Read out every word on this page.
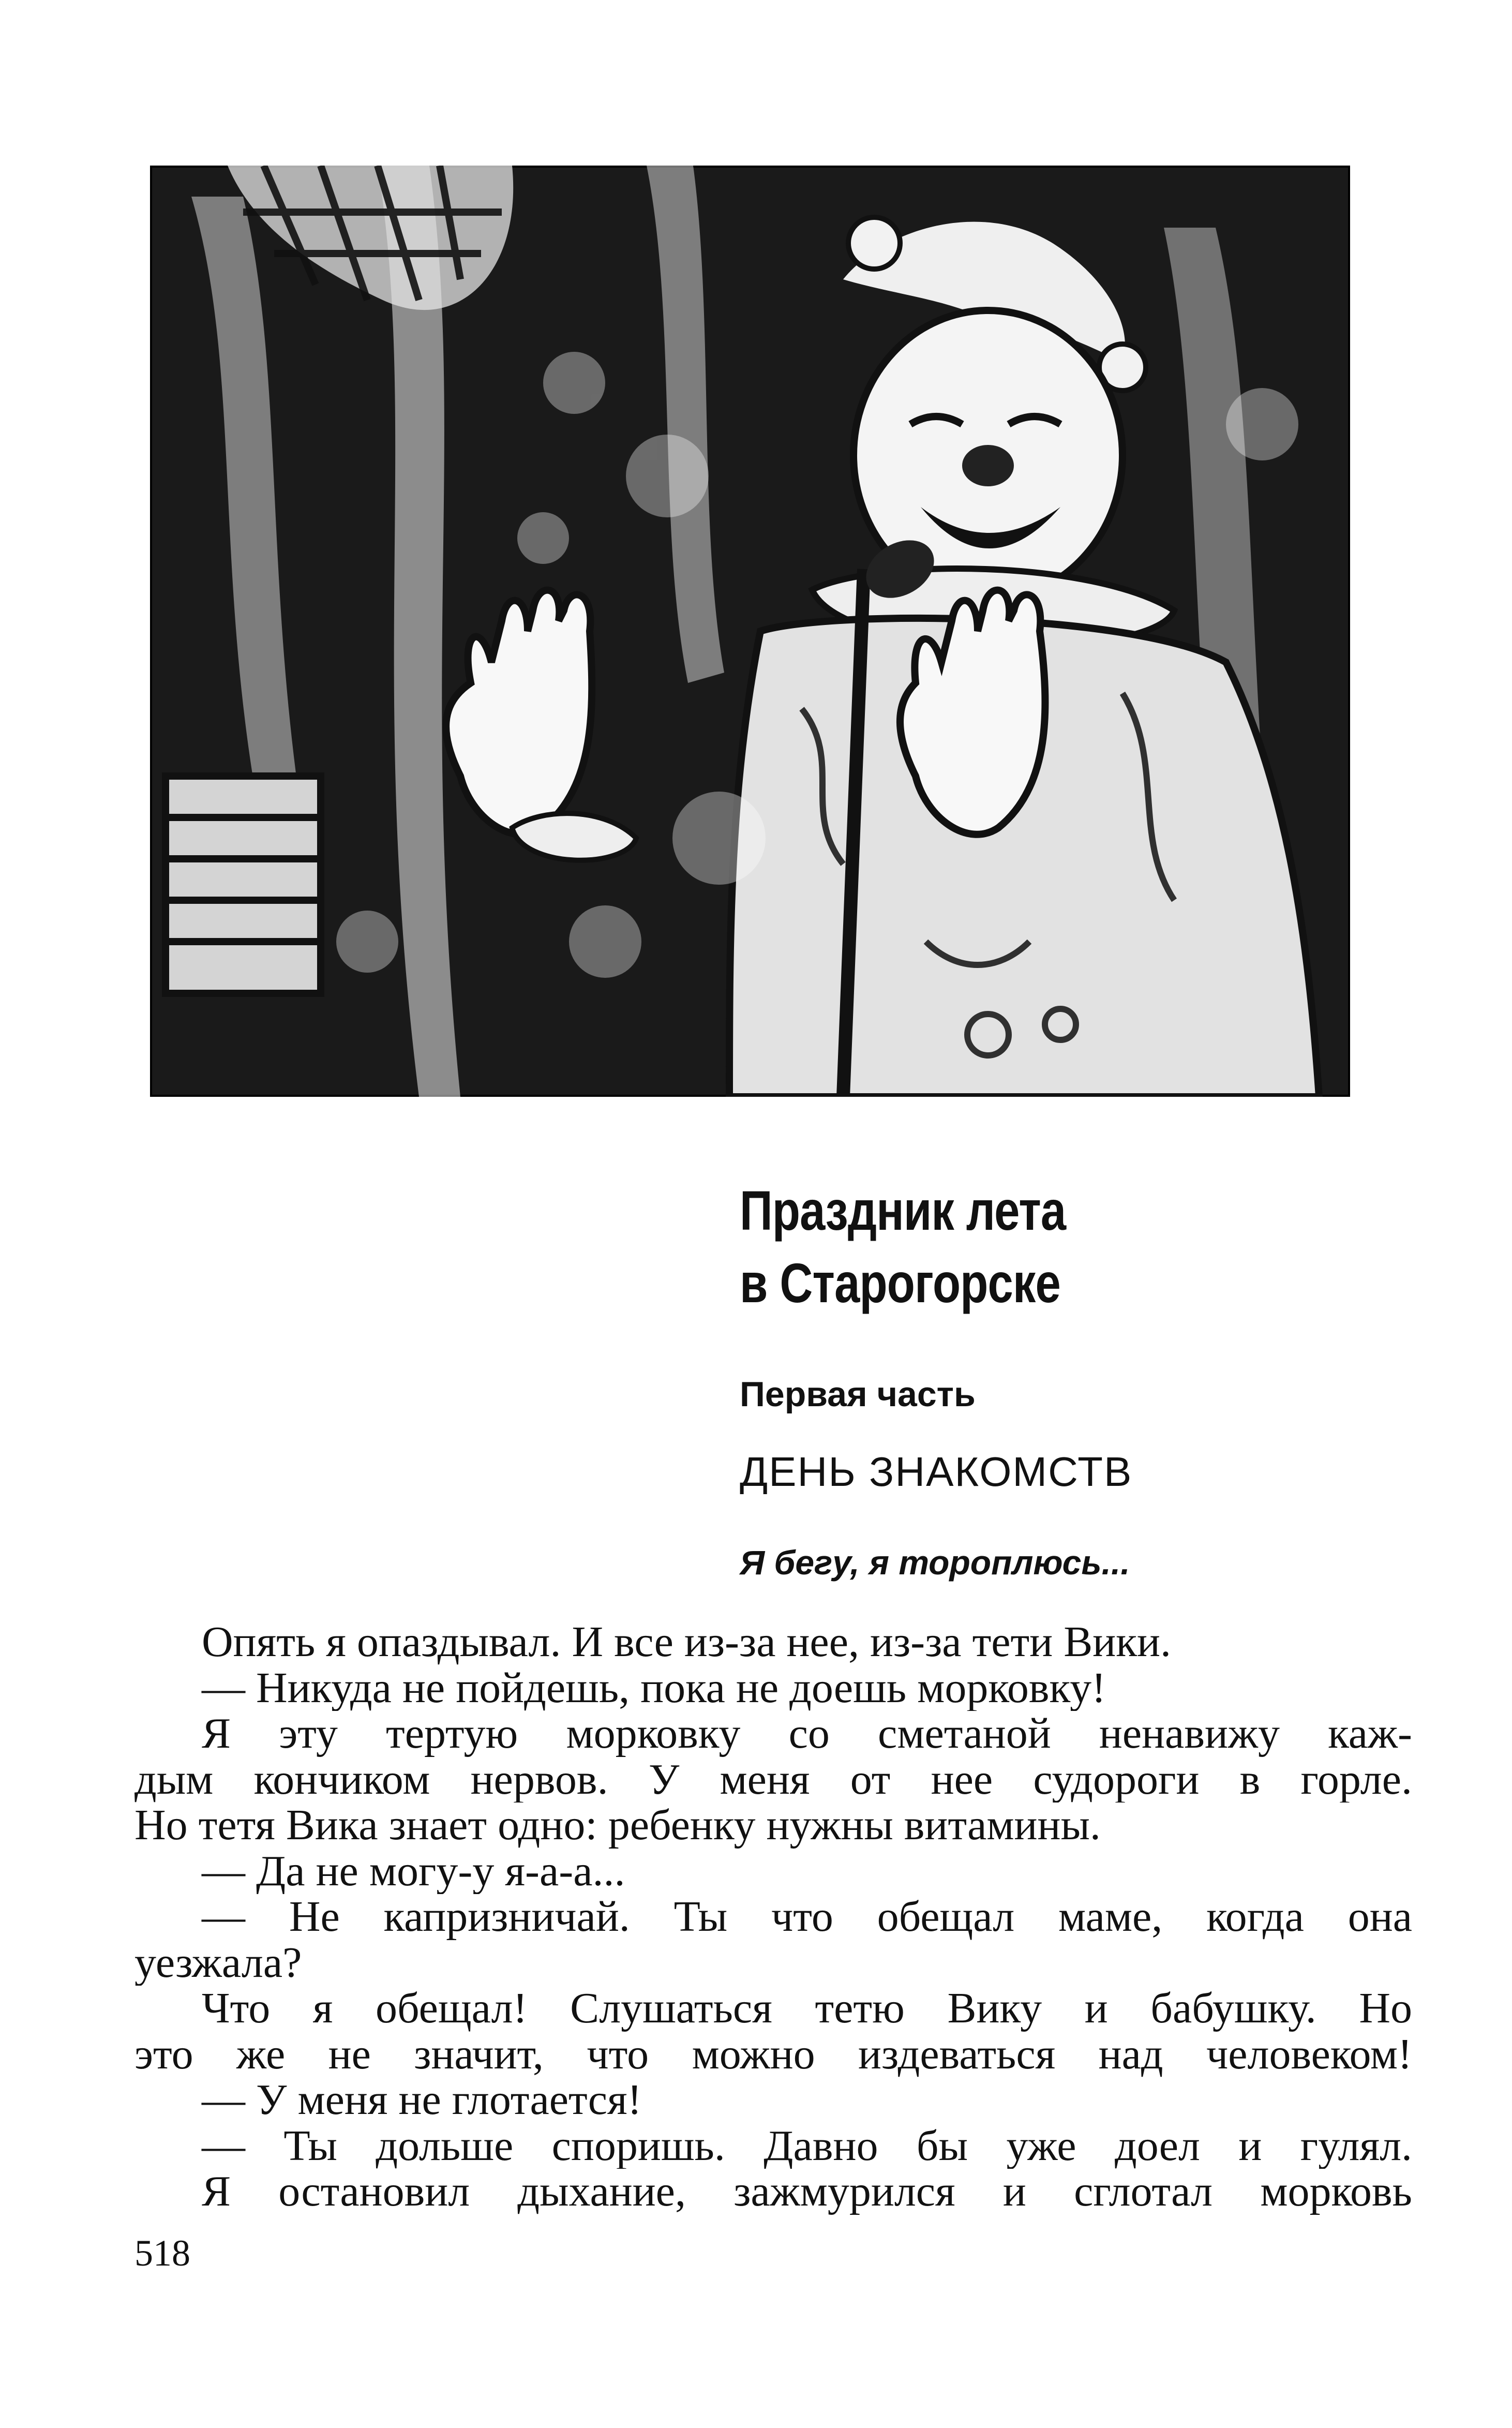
Праздник лета
в Старогорске
Первая часть
ДЕНЬ ЗНАКОМСТВ
Я бегу, я тороплюсь...
Опять я опаздывал. И все из-за нее, из-за тети Вики.
— Никуда не пойдешь, пока не доешь морковку!
Я эту тертую морковку со сметаной ненавижу каж-
дым кончиком нервов. У меня от нее судороги в горле.
Но тетя Вика знает одно: ребенку нужны витамины.
— Да не могу-у я-а-а...
— Не капризничай. Ты что обещал маме, когда она
уезжала?
Что я обещал! Слушаться тетю Вику и бабушку. Но
это же не значит, что можно издеваться над человеком!
— У меня не глотается!
— Ты дольше споришь. Давно бы уже доел и гулял.
Я остановил дыхание, зажмурился и сглотал морковь
518
